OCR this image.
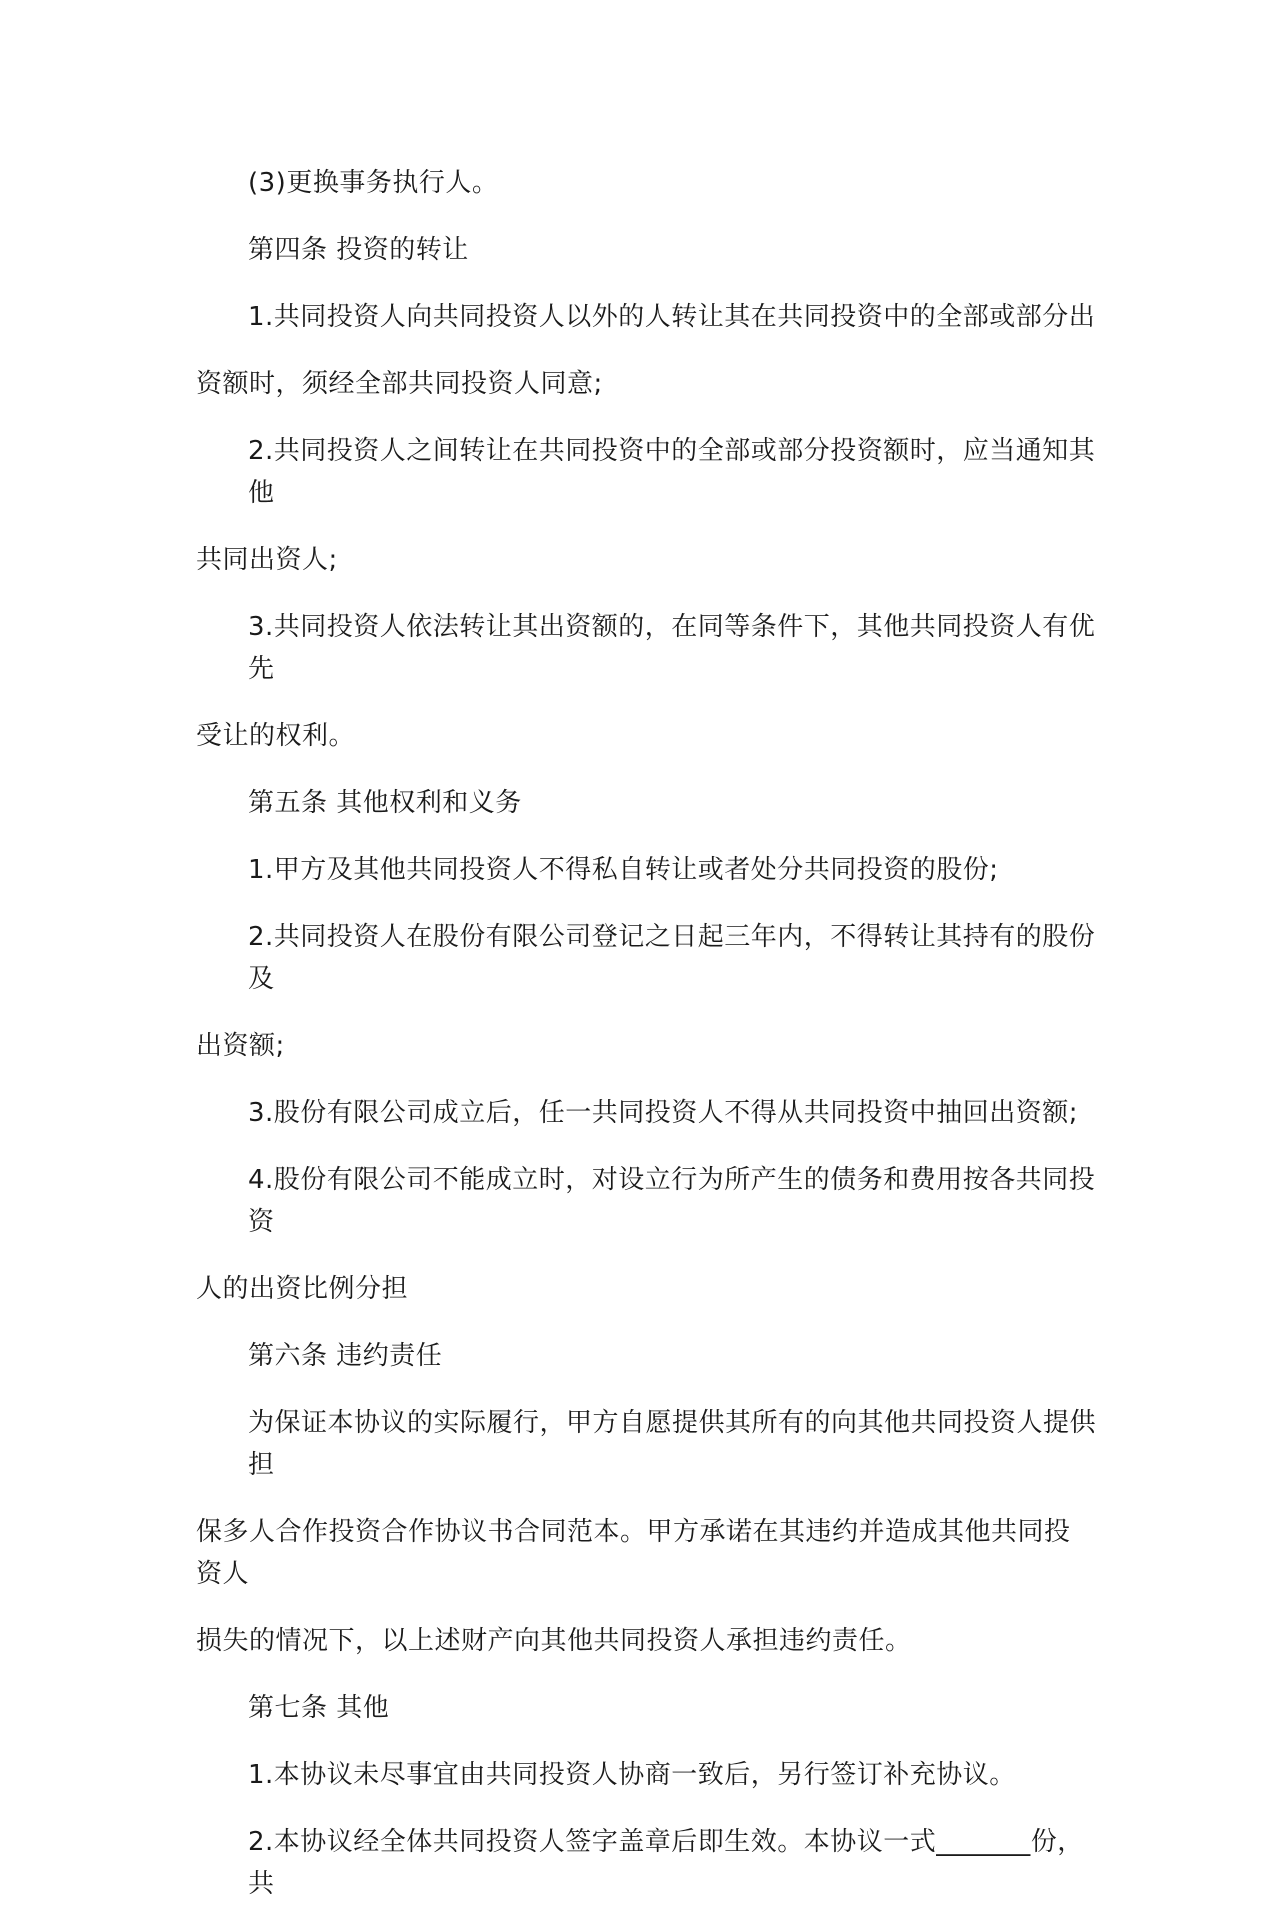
(3)更换事务执行人。
第四条 投资的转让
1.共同投资人向共同投资人以外的人转让其在共同投资中的全部或部分出
资额时，须经全部共同投资人同意;
2.共同投资人之间转让在共同投资中的全部或部分投资额时，应当通知其他
共同出资人;
3.共同投资人依法转让其出资额的，在同等条件下，其他共同投资人有优先
受让的权利。
第五条 其他权利和义务
1.甲方及其他共同投资人不得私自转让或者处分共同投资的股份;
2.共同投资人在股份有限公司登记之日起三年内，不得转让其持有的股份及
出资额;
3.股份有限公司成立后，任一共同投资人不得从共同投资中抽回出资额;
4.股份有限公司不能成立时，对设立行为所产生的债务和费用按各共同投资
人的出资比例分担
第六条 违约责任
为保证本协议的实际履行，甲方自愿提供其所有的向其他共同投资人提供担
保多人合作投资合作协议书合同范本。甲方承诺在其违约并造成其他共同投资人
损失的情况下，以上述财产向其他共同投资人承担违约责任。
第七条 其他
1.本协议未尽事宜由共同投资人协商一致后，另行签订补充协议。
2.本协议经全体共同投资人签字盖章后即生效。本协议一式_______份，共
